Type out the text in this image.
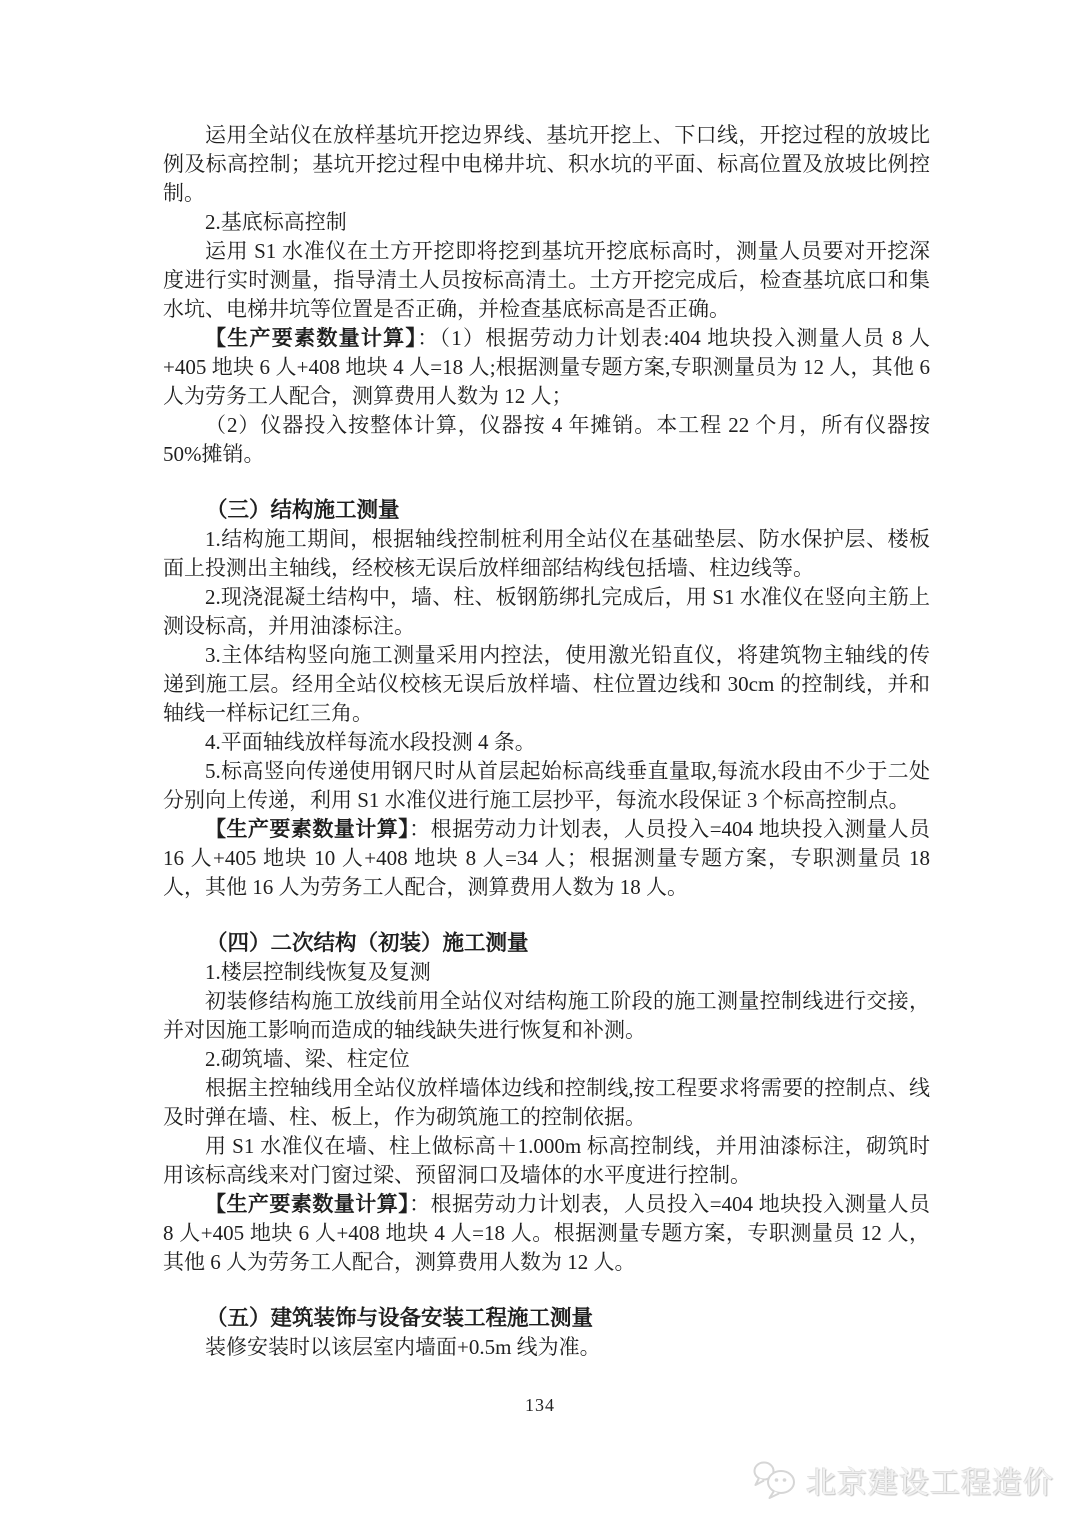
运用全站仪在放样基坑开挖边界线、基坑开挖上、下口线，开挖过程的放坡比例及标高控制；基坑开挖过程中电梯井坑、积水坑的平面、标高位置及放坡比例控制。

2.基底标高控制

运用 S1 水准仪在土方开挖即将挖到基坑开挖底标高时，测量人员要对开挖深度进行实时测量，指导清土人员按标高清土。土方开挖完成后，检查基坑底口和集水坑、电梯井坑等位置是否正确，并检查基底标高是否正确。

【生产要素数量计算】：（1）根据劳动力计划表:404 地块投入测量人员 8 人+405 地块 6 人+408 地块 4 人=18 人;根据测量专题方案,专职测量员为 12 人，其他 6 人为劳务工人配合，测算费用人数为 12 人；

（2）仪器投入按整体计算，仪器按 4 年摊销。本工程 22 个月，所有仪器按 50%摊销。

（三）结构施工测量

1.结构施工期间，根据轴线控制桩利用全站仪在基础垫层、防水保护层、楼板面上投测出主轴线，经校核无误后放样细部结构线包括墙、柱边线等。

2.现浇混凝土结构中，墙、柱、板钢筋绑扎完成后，用 S1 水准仪在竖向主筋上测设标高，并用油漆标注。

3.主体结构竖向施工测量采用内控法，使用激光铅直仪，将建筑物主轴线的传递到施工层。经用全站仪校核无误后放样墙、柱位置边线和 30cm 的控制线，并和轴线一样标记红三角。

4.平面轴线放样每流水段投测 4 条。

5.标高竖向传递使用钢尺时从首层起始标高线垂直量取,每流水段由不少于二处分别向上传递，利用 S1 水准仪进行施工层抄平，每流水段保证 3 个标高控制点。

【生产要素数量计算】：根据劳动力计划表，人员投入=404 地块投入测量人员 16 人+405 地块 10 人+408 地块 8 人=34 人；根据测量专题方案，专职测量员 18 人，其他 16 人为劳务工人配合，测算费用人数为 18 人。

（四）二次结构（初装）施工测量

1.楼层控制线恢复及复测

初装修结构施工放线前用全站仪对结构施工阶段的施工测量控制线进行交接，并对因施工影响而造成的轴线缺失进行恢复和补测。

2.砌筑墙、梁、柱定位

根据主控轴线用全站仪放样墙体边线和控制线,按工程要求将需要的控制点、线及时弹在墙、柱、板上，作为砌筑施工的控制依据。

用 S1 水准仪在墙、柱上做标高＋1.000m 标高控制线，并用油漆标注，砌筑时用该标高线来对门窗过梁、预留洞口及墙体的水平度进行控制。

【生产要素数量计算】：根据劳动力计划表，人员投入=404 地块投入测量人员 8 人+405 地块 6 人+408 地块 4 人=18 人。根据测量专题方案，专职测量员 12 人，其他 6 人为劳务工人配合，测算费用人数为 12 人。

（五）建筑装饰与设备安装工程施工测量

装修安装时以该层室内墙面+0.5m 线为准。

134
北京建设工程造价
